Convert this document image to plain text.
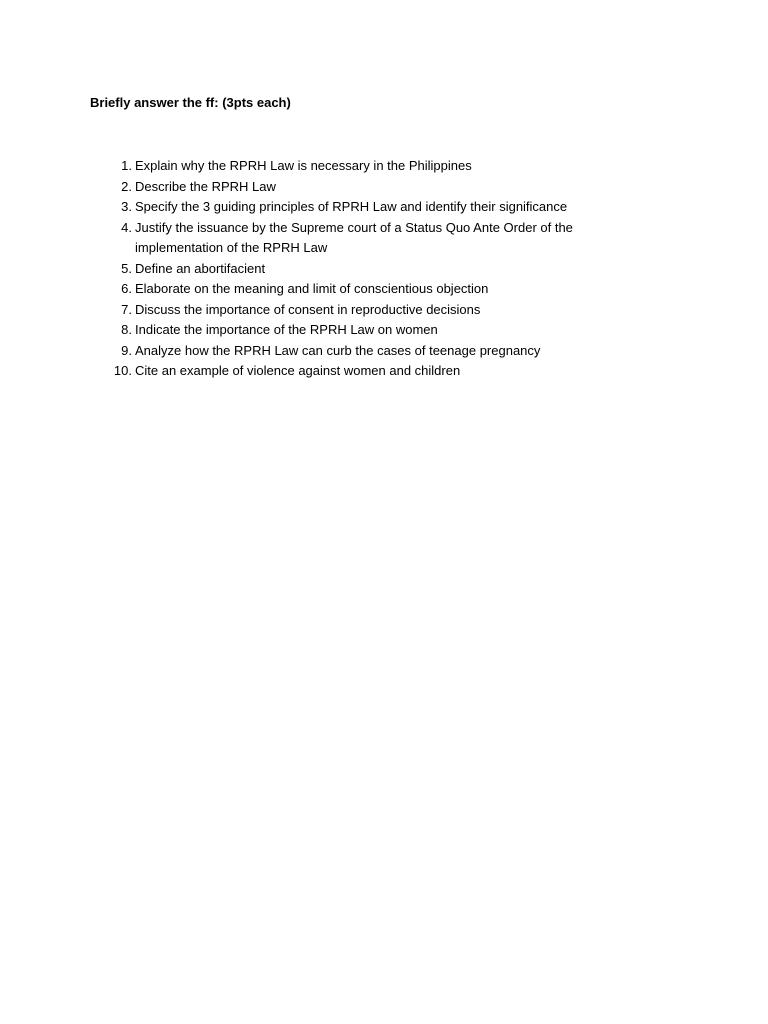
Briefly answer the ff: (3pts each)
1. Explain why the RPRH Law is necessary in the Philippines
2. Describe the RPRH Law
3. Specify the 3 guiding principles of RPRH Law and identify their significance
4. Justify the issuance by the Supreme court of a Status Quo Ante Order of the implementation of the RPRH Law
5. Define an abortifacient
6. Elaborate on the meaning and limit of conscientious objection
7. Discuss the importance of consent in reproductive decisions
8. Indicate the importance of the RPRH Law on women
9. Analyze how the RPRH Law can curb the cases of teenage pregnancy
10. Cite an example of violence against women and children
